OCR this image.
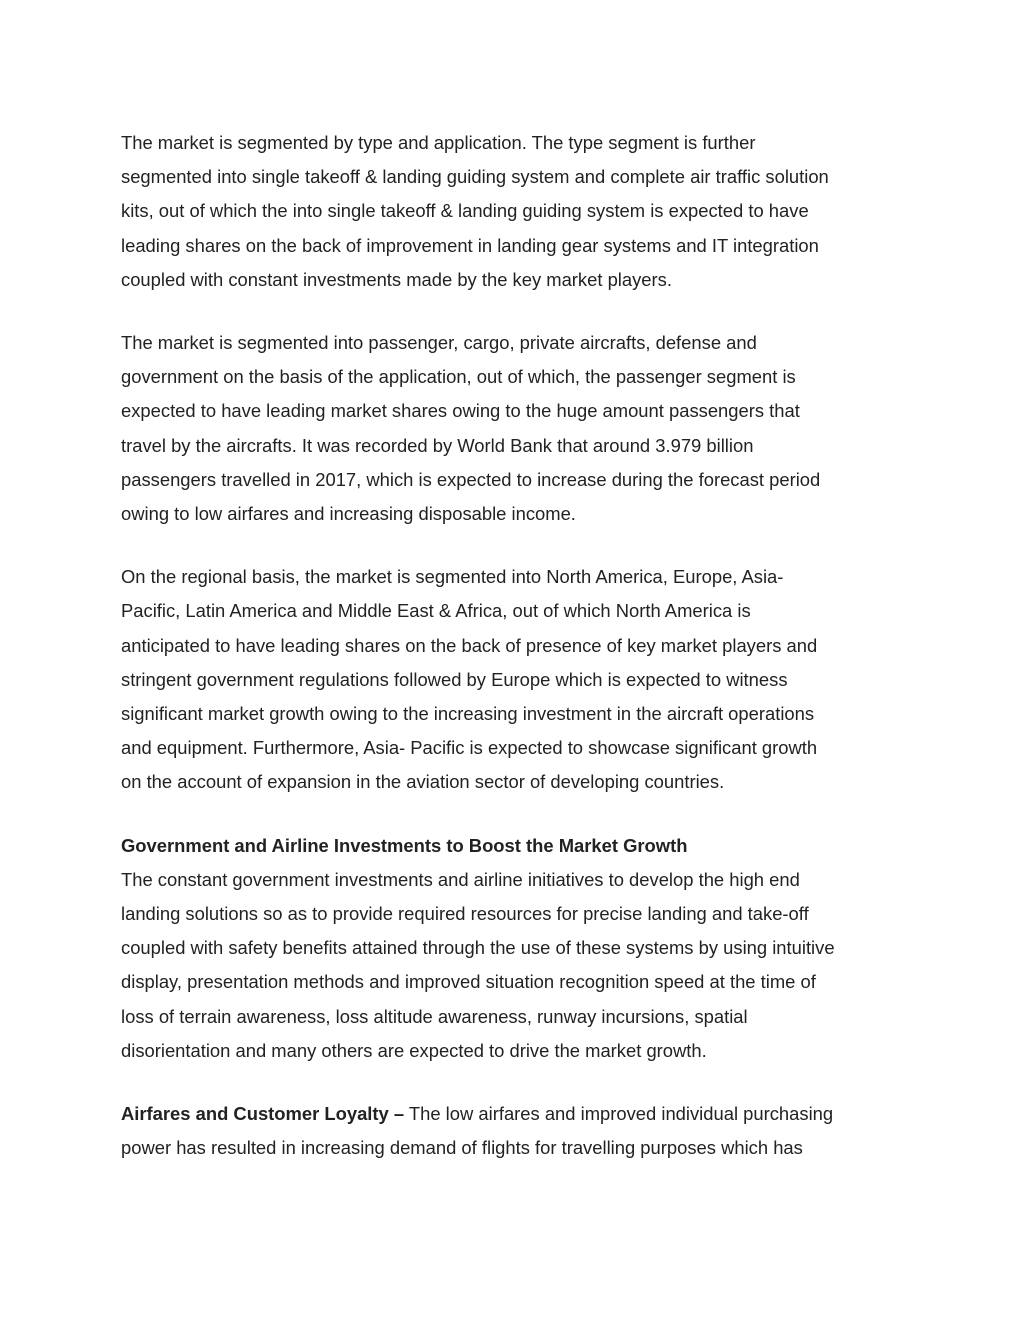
The market is segmented by type and application. The type segment is further
segmented into single takeoff & landing guiding system and complete air traffic solution
kits, out of which the into single takeoff & landing guiding system is expected to have
leading shares on the back of improvement in landing gear systems and IT integration
coupled with constant investments made by the key market players.

The market is segmented into passenger, cargo, private aircrafts, defense and
government on the basis of the application, out of which, the passenger segment is
expected to have leading market shares owing to the huge amount passengers that
travel by the aircrafts. It was recorded by World Bank that around 3.979 billion
passengers travelled in 2017, which is expected to increase during the forecast period
owing to low airfares and increasing disposable income.

On the regional basis, the market is segmented into North America, Europe, Asia-
Pacific, Latin America and Middle East & Africa, out of which North America is
anticipated to have leading shares on the back of presence of key market players and
stringent government regulations followed by Europe which is expected to witness
significant market growth owing to the increasing investment in the aircraft operations
and equipment. Furthermore, Asia- Pacific is expected to showcase significant growth
on the account of expansion in the aviation sector of developing countries.

Government and Airline Investments to Boost the Market Growth

The constant government investments and airline initiatives to develop the high end
landing solutions so as to provide required resources for precise landing and take-off
coupled with safety benefits attained through the use of these systems by using intuitive
display, presentation methods and improved situation recognition speed at the time of
loss of terrain awareness, loss altitude awareness, runway incursions, spatial
disorientation and many others are expected to drive the market growth.

Airfares and Customer Loyalty – The low airfares and improved individual purchasing
power has resulted in increasing demand of flights for travelling purposes which has
